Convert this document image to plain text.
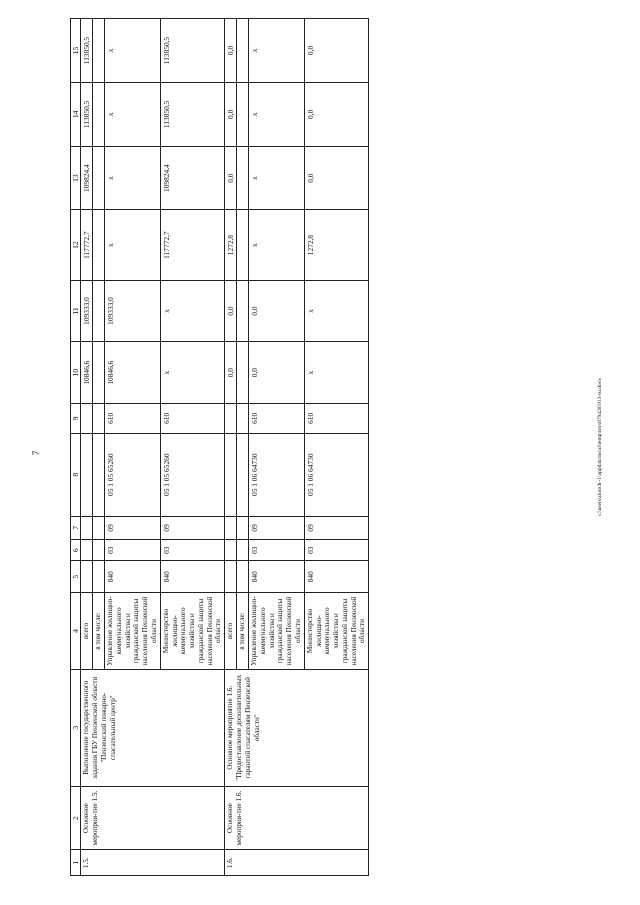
7
1	2	3	4	5	6	7	8	9	10	11	12	13	14	15
1.5.	Основное мероприя-тие 1.5.	Выполнение государственного задания ГБУ Пензенской области "Пензенский пожарно-спасательный центр"	всего						10846,6	109333,0	117772,7	109824,4	113850,5	113850,5
			в том числе:											
			Управление жилищно-коммунального хозяйства и гражданской защиты населения Пензенской области	840	03	09	05 1 05 65260	610	10846,6	109333,0	х	х	х	х
			Министерство жилищно-коммунального хозяйства и гражданской защиты населения Пензенской области	840	03	09	05 1 05 65260	610	х	х	117772,7	109824,4	113850,5	113850,5
1.6.	Основное мероприя-тие 1.6.	Основное мероприятие 1.6. "Предоставление дополнительных гарантий спасателям Пензенской области"	всего						0,0	0,0	1272,8	0,0	0,0	0,0
			в том числе:											
			Управление жилищно-коммунального хозяйства и гражданской защиты населения Пензенской области	840	03	09	05 1 06 64730	610	0,0	0,0	х	х	х	х
			Министерство жилищно-коммунального хозяйства и гражданской защиты населения Пензенской области	840	03	09	05 1 06 64730	610	х	х	1272,8	0,0	0,0	0,0
c:\users\zkorch~1\appdata\local\temp\ncrs879428\913-ru.docx
